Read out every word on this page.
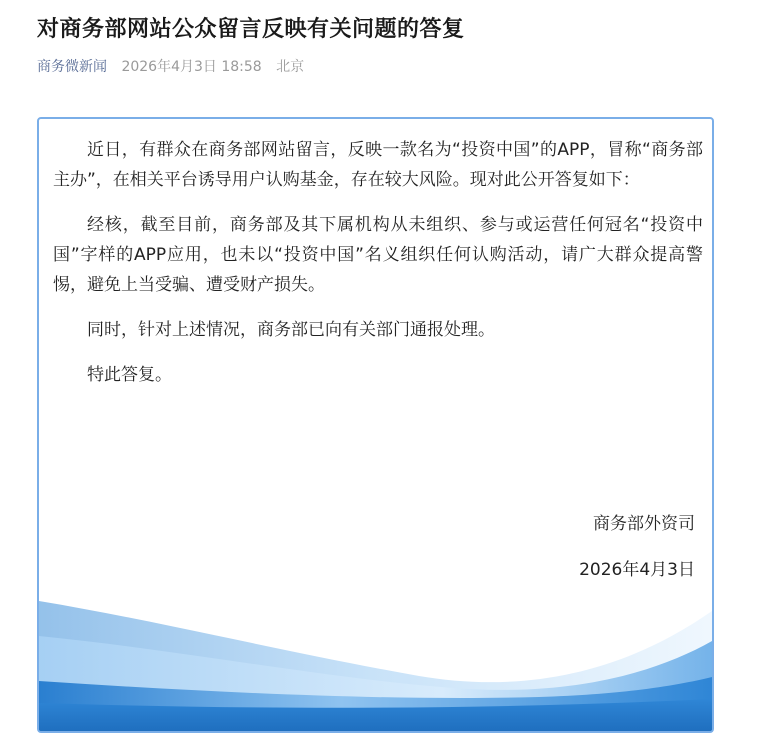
对商务部网站公众留言反映有关问题的答复
商务微新闻 2026年4月3日 18:58 北京

近日，有群众在商务部网站留言，反映一款名为“投资中国”的APP，冒称“商务部主办”，在相关平台诱导用户认购基金，存在较大风险。现对此公开答复如下：

经核，截至目前，商务部及其下属机构从未组织、参与或运营任何冠名“投资中国”字样的APP应用，也未以“投资中国”名义组织任何认购活动，请广大群众提高警惕，避免上当受骗、遭受财产损失。

同时，针对上述情况，商务部已向有关部门通报处理。

特此答复。

商务部外资司
2026年4月3日
